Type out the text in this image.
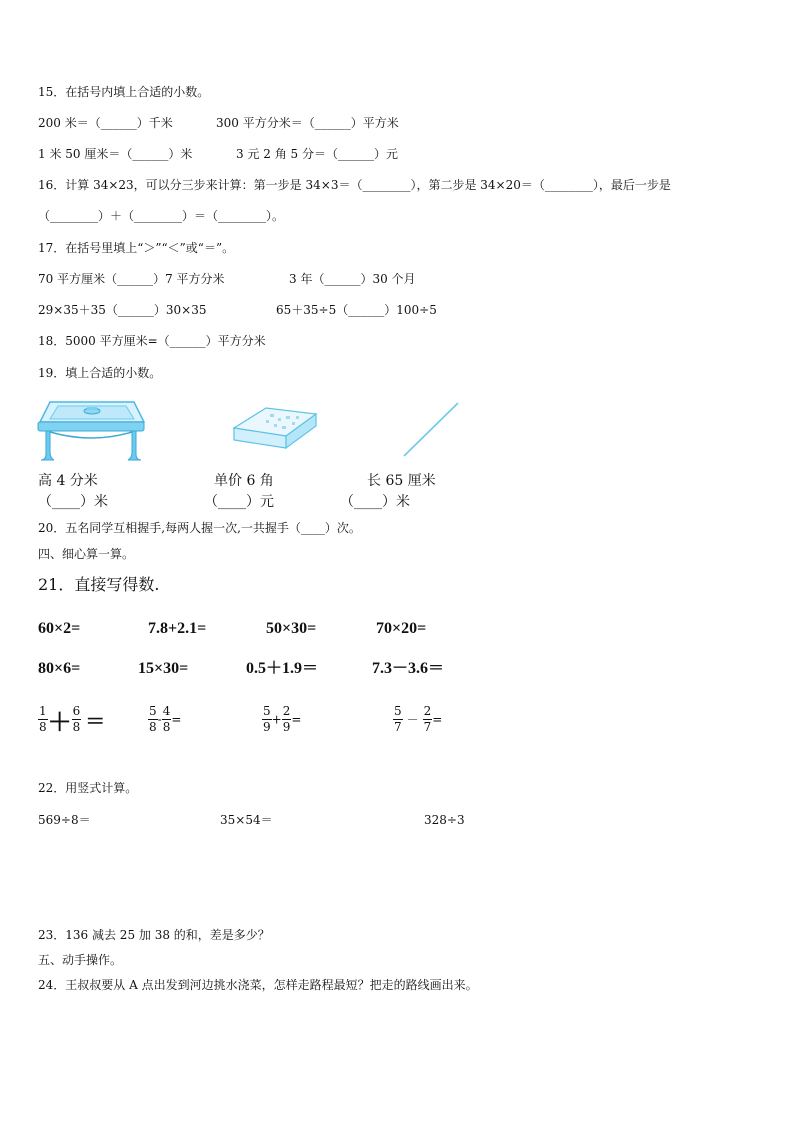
15．在括号内填上合适的小数。
200 米＝（______）千米	300 平方分米＝（______）平方米
1 米 50 厘米＝（______）米	3 元 2 角 5 分＝（______）元
16．计算 34×23，可以分三步来计算：第一步是 34×3＝（________），第二步是 34×20＝（________），最后一步是
（________）＋（________）＝（________）。
17．在括号里填上“＞”“＜”或“＝”。
70 平方厘米（______）7 平方分米	3 年（______）30 个月
29×35＋35（______）30×35	65＋35÷5（______）100÷5
18．5000 平方厘米=（______）平方分米
19．填上合适的小数。
高 4 分米	单价 6 角	长 65 厘米
（____）米	（____）元	（____）米
20．五名同学互相握手,每两人握一次,一共握手（____）次。
四、细心算一算。
21．直接写得数.
60×2=	7.8+2.1=	50×30=	70×20=
80×6=	15×30=	0.5＋1.9＝	7.3－3.6＝
$\frac{1}{8} + \frac{6}{8}$ ＝	$\frac{5}{8} - \frac{4}{8}$ =	$\frac{5}{9} + \frac{2}{9}$ =	$\frac{5}{7} - \frac{2}{7}$ =
22．用竖式计算。
569÷8＝	35×54＝	328÷3
23．136 减去 25 加 38 的和，差是多少？
五、动手操作。
24．王叔叔要从 A 点出发到河边挑水浇菜，怎样走路程最短？把走的路线画出来。
